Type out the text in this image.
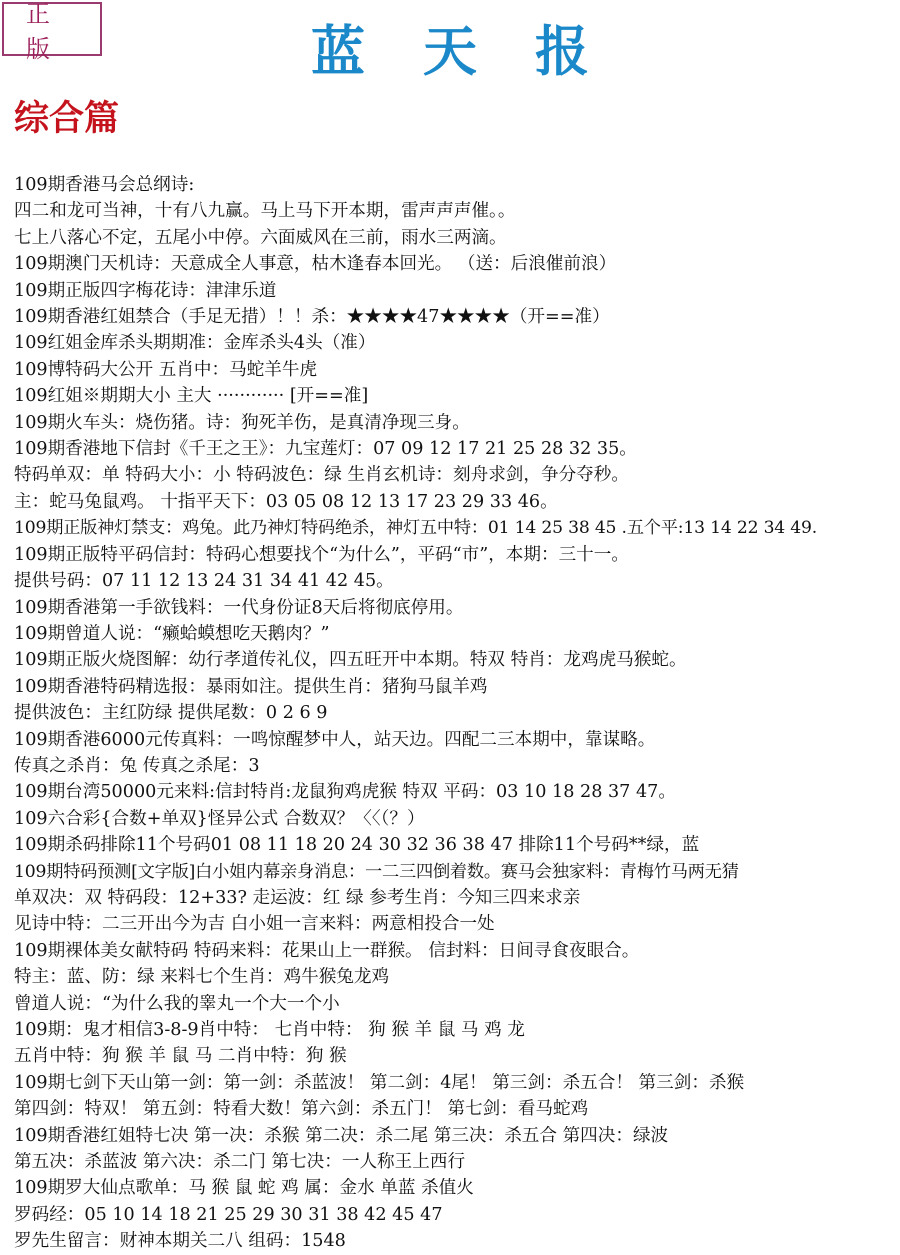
正版	蓝天报
综合篇
109期香港马会总纲诗:
四二和龙可当神，十有八九赢。马上马下开本期，雷声声声催。。
七上八落心不定，五尾小中停。六面威风在三前，雨水三两滴。
109期澳门天机诗：天意成全人事意，枯木逢春本回光。 （送：后浪催前浪）
109期正版四字梅花诗：津津乐道
109期香港红姐禁合（手足无措）！！杀：★★★★47★★★★（开==准）
109红姐金库杀头期期准：金库杀头4头（准）
109博特码大公开 五肖中：马蛇羊牛虎
109红姐※期期大小 主大 ············ [开==准]
109期火车头：烧伤猪。诗：狗死羊伤，是真清净现三身。
109期香港地下信封《千王之王》：九宝莲灯：07 09 12 17 21 25 28 32 35。
特码单双：单 特码大小：小 特码波色：绿 生肖玄机诗：刻舟求剑，争分夺秒。
主：蛇马兔鼠鸡。 十指平天下：03 05 08 12 13 17 23 29 33 46。
109期正版神灯禁支：鸡兔。此乃神灯特码绝杀，神灯五中特：01 14 25 38 45 .五个平:13 14 22 34 49.
109期正版特平码信封：特码心想要找个“为什么”，平码“市”，本期：三十一。
提供号码：07 11 12 13 24 31 34 41 42 45。
109期香港第一手欲钱料：一代身份证8天后将彻底停用。
109期曾道人说：“癞蛤蟆想吃天鹅肉？”
109期正版火烧图解：幼行孝道传礼仪，四五旺开中本期。特双 特肖：龙鸡虎马猴蛇。
109期香港特码精选报：暴雨如注。提供生肖：猪狗马鼠羊鸡
提供波色：主红防绿 提供尾数：0 2 6 9
109期香港6000元传真料：一鸣惊醒梦中人，站天边。四配二三本期中，靠谋略。
传真之杀肖：兔 传真之杀尾：3
109期台湾50000元来料:信封特肖:龙鼠狗鸡虎猴 特双 平码：03 10 18 28 37 47。
109六合彩{合数+单双}怪异公式 合数双？〈〈（？）
109期杀码排除11个号码01 08 11 18 20 24 30 32 36 38 47 排除11个号码**绿，蓝
109期特码预测[文字版]白小姐内幕亲身消息：一二三四倒着数。赛马会独家料：青梅竹马两无猜
单双决：双 特码段：12+33? 走运波：红 绿 参考生肖：今知三四来求亲
见诗中特：二三开出今为吉 白小姐一言来料：两意相投合一处
109期裸体美女献特码 特码来料：花果山上一群猴。 信封料：日间寻食夜眼合。
特主：蓝、防：绿 来料七个生肖：鸡牛猴兔龙鸡
曾道人说：“为什么我的睾丸一个大一个小
109期：鬼才相信3-8-9肖中特： 七肖中特： 狗 猴 羊 鼠 马 鸡 龙
五肖中特：狗 猴 羊 鼠 马 二肖中特：狗 猴
109期七剑下天山第一剑：第一剑：杀蓝波！ 第二剑：4尾！ 第三剑：杀五合！ 第三剑：杀猴
第四剑：特双！ 第五剑：特看大数！第六剑：杀五门！ 第七剑：看马蛇鸡
109期香港红姐特七决 第一决：杀猴 第二决：杀二尾 第三决：杀五合 第四决：绿波
第五决：杀蓝波 第六决：杀二门 第七决：一人称王上西行
109期罗大仙点歌单：马 猴 鼠 蛇 鸡 属：金水 单蓝 杀值火
罗码经：05 10 14 18 21 25 29 30 31 38 42 45 47
罗先生留言：财神本期关二八 组码：1548
